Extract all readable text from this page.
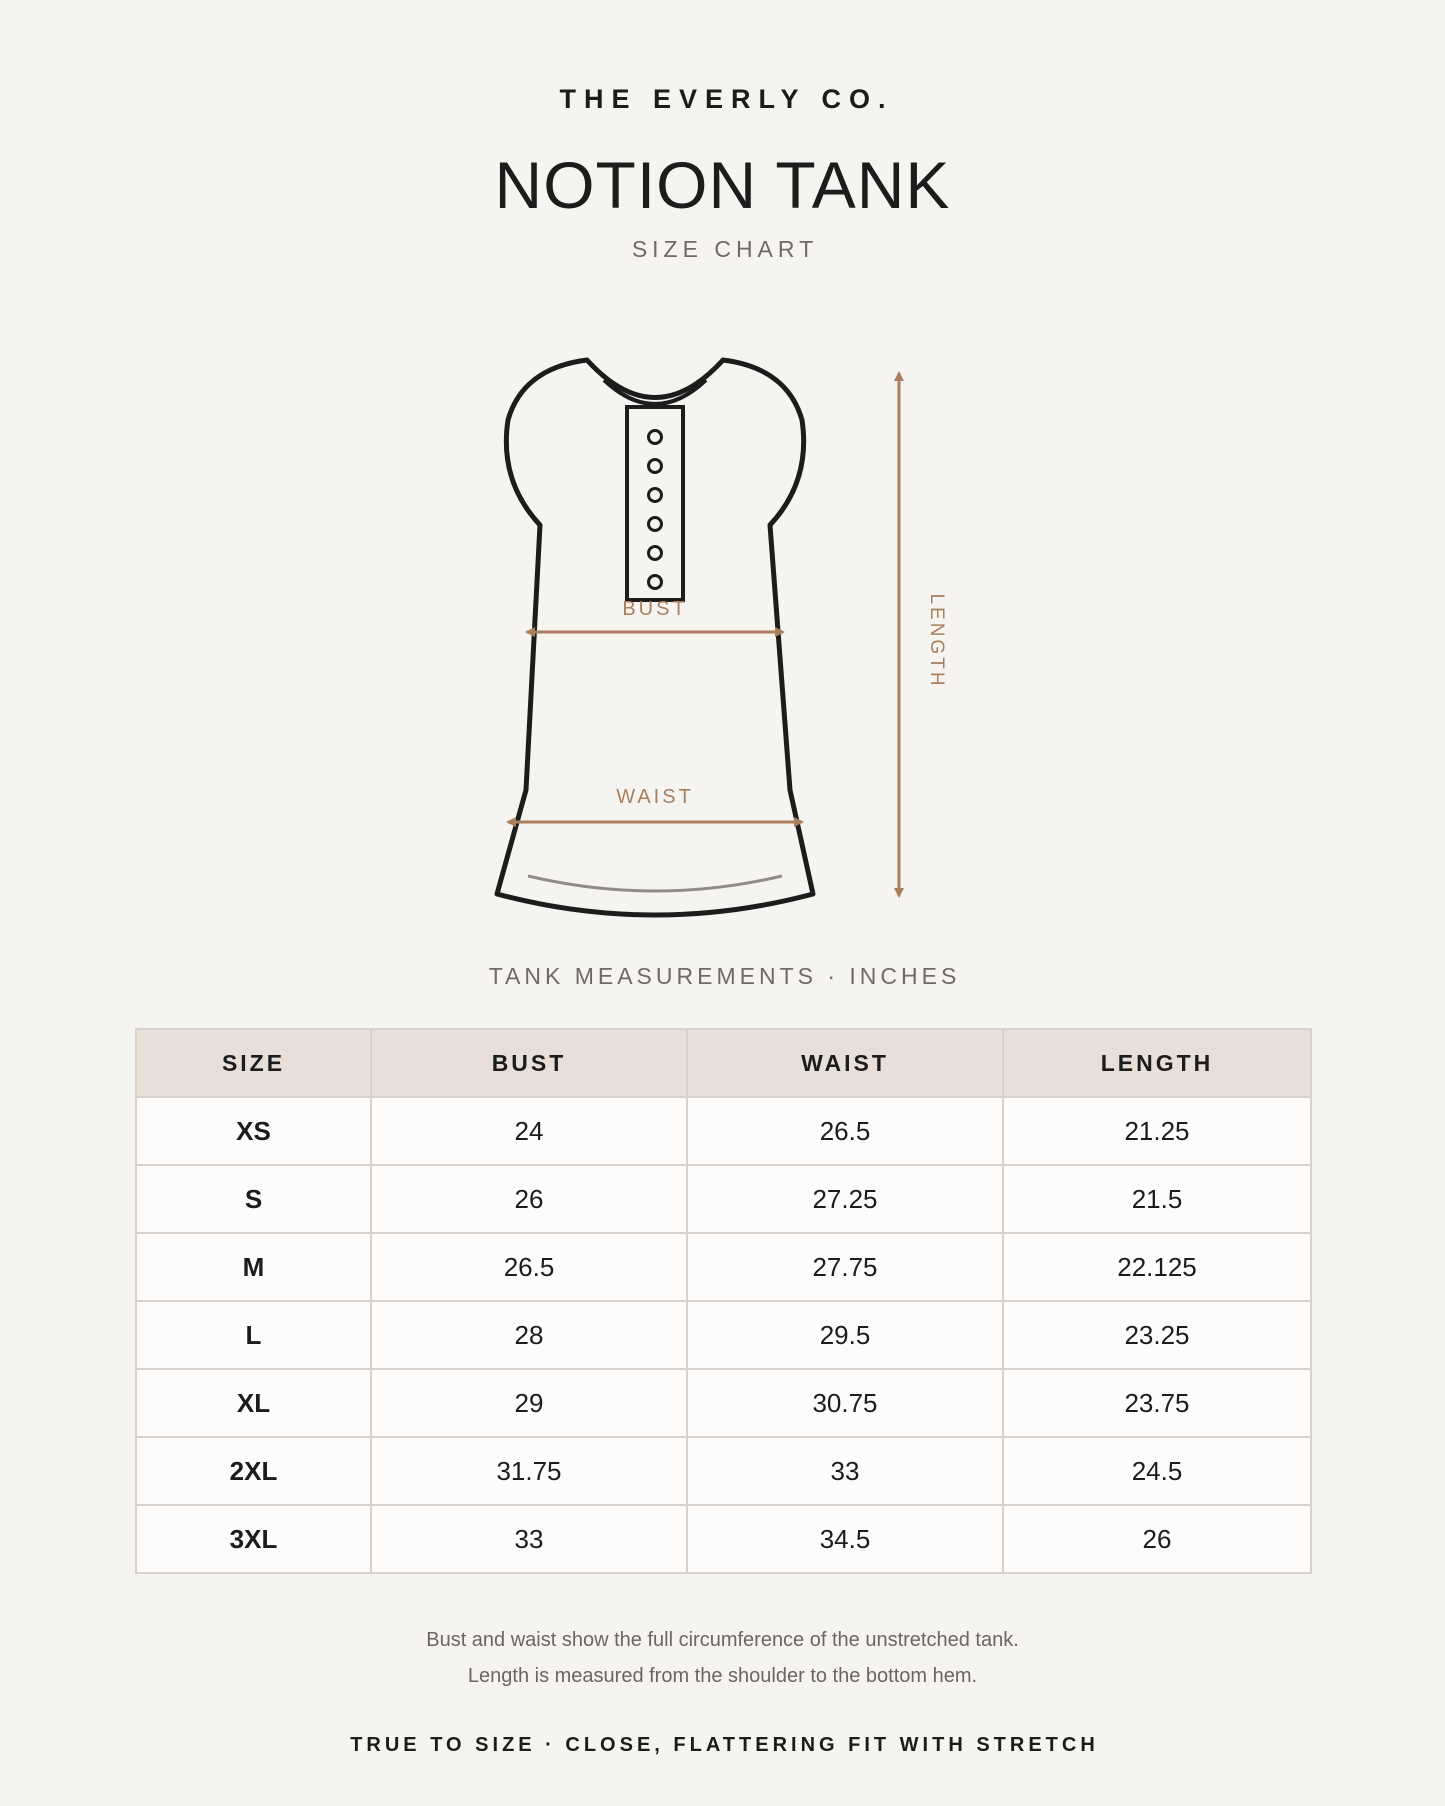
THE EVERLY CO.
NOTION TANK
SIZE CHART
BUST
WAIST
LENGTH
TANK MEASUREMENTS · INCHES
SIZE	BUST	WAIST	LENGTH
XS	24	26.5	21.25
S	26	27.25	21.5
M	26.5	27.75	22.125
L	28	29.5	23.25
XL	29	30.75	23.75
2XL	31.75	33	24.5
3XL	33	34.5	26
Bust and waist show the full circumference of the unstretched tank.
Length is measured from the shoulder to the bottom hem.
TRUE TO SIZE · CLOSE, FLATTERING FIT WITH STRETCH
